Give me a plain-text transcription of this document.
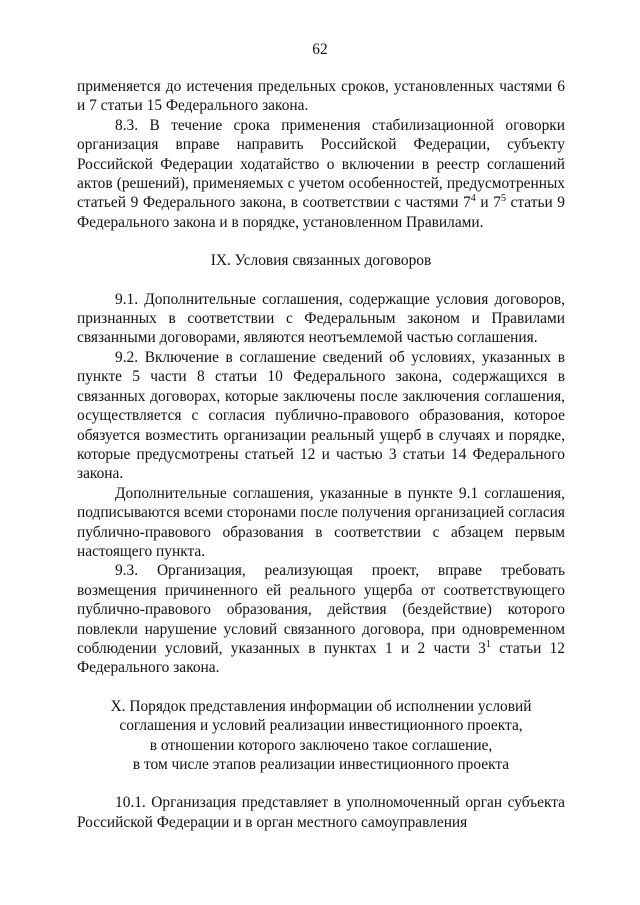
62

применяется до истечения предельных сроков, установленных частями 6 и 7 статьи 15 Федерального закона.

8.3. В течение срока применения стабилизационной оговорки организация вправе направить Российской Федерации, субъекту Российской Федерации ходатайство о включении в реестр соглашений актов (решений), применяемых с учетом особенностей, предусмотренных статьей 9 Федерального закона, в соответствии с частями $7^4$ и $7^5$ статьи 9 Федерального закона и в порядке, установленном Правилами.

IX. Условия связанных договоров

9.1. Дополнительные соглашения, содержащие условия договоров, признанных в соответствии с Федеральным законом и Правилами связанными договорами, являются неотъемлемой частью соглашения.

9.2. Включение в соглашение сведений об условиях, указанных в пункте 5 части 8 статьи 10 Федерального закона, содержащихся в связанных договорах, которые заключены после заключения соглашения, осуществляется с согласия публично-правового образования, которое обязуется возместить организации реальный ущерб в случаях и порядке, которые предусмотрены статьей 12 и частью 3 статьи 14 Федерального закона.

Дополнительные соглашения, указанные в пункте 9.1 соглашения, подписываются всеми сторонами после получения организацией согласия публично-правового образования в соответствии с абзацем первым настоящего пункта.

9.3. Организация, реализующая проект, вправе требовать возмещения причиненного ей реального ущерба от соответствующего публично-правового образования, действия (бездействие) которого повлекли нарушение условий связанного договора, при одновременном соблюдении условий, указанных в пунктах 1 и 2 части $3^1$ статьи 12 Федерального закона.

X. Порядок представления информации об исполнении условий
соглашения и условий реализации инвестиционного проекта,
в отношении которого заключено такое соглашение,
в том числе этапов реализации инвестиционного проекта

10.1. Организация представляет в уполномоченный орган субъекта Российской Федерации и в орган местного самоуправления
